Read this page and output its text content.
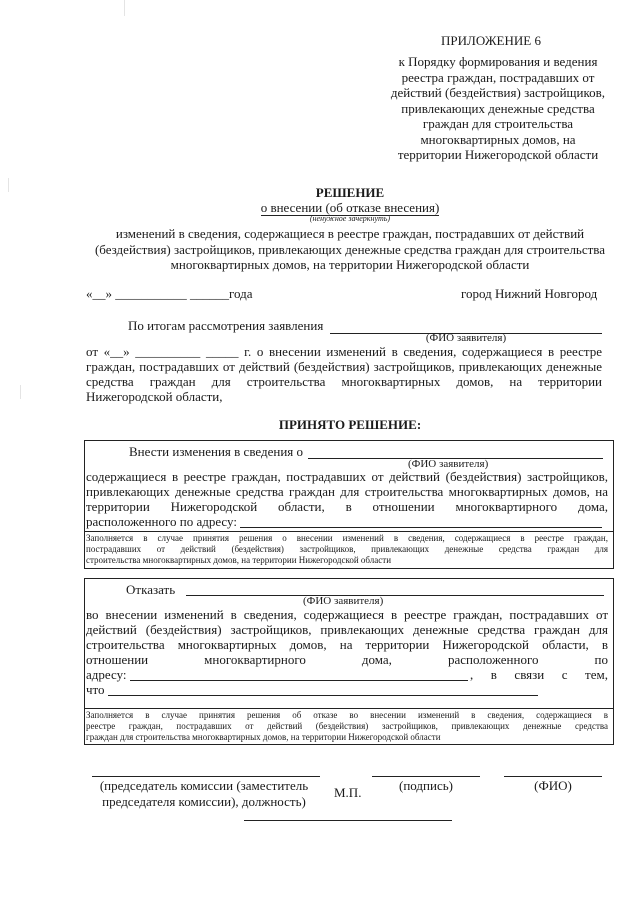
ПРИЛОЖЕНИЕ 6
к Порядку формирования и ведения
реестра граждан, пострадавших от
действий (бездействия) застройщиков,
привлекающих денежные средства
граждан для строительства
многоквартирных домов, на
территории Нижегородской области
РЕШЕНИЕ
о внесении (об отказе внесения)
(ненужное зачеркнуть)
изменений в сведения, содержащиеся в реестре граждан, пострадавших от действий
(бездействия) застройщиков, привлекающих денежные средства граждан для строительства
многоквартирных домов, на территории Нижегородской области
«__» ___________ ______года	город Нижний Новгород
По итогам рассмотрения заявления
(ФИО заявителя)
от «__» __________ _____ г. о внесении изменений в сведения, содержащиеся в реестре
граждан, пострадавших от действий (бездействия) застройщиков, привлекающих денежные
средства граждан для строительства многоквартирных домов, на территории
Нижегородской области,
ПРИНЯТО РЕШЕНИЕ:
Внести изменения в сведения о
(ФИО заявителя)
содержащиеся в реестре граждан, пострадавших от действий (бездействия) застройщиков,
привлекающих денежные средства граждан для строительства многоквартирных домов, на
территории Нижегородской области, в отношении многоквартирного дома,
расположенного по адресу:
Заполняется в случае принятия решения о внесении изменений в сведения, содержащиеся в реестре граждан,
пострадавших от действий (бездействия) застройщиков, привлекающих денежные средства граждан для
строительства многоквартирных домов, на территории Нижегородской области
Отказать
(ФИО заявителя)
во внесении изменений в сведения, содержащиеся в реестре граждан, пострадавших от
действий (бездействия) застройщиков, привлекающих денежные средства граждан для
строительства многоквартирных домов, на территории Нижегородской области, в
отношении многоквартирного дома, расположенного по
адресу:	, в связи с тем,
что
Заполняется в случае принятия решения об отказе во внесении изменений в сведения, содержащиеся в
реестре граждан, пострадавших от действий (бездействия) застройщиков, привлекающих денежные средства
граждан для строительства многоквартирных домов, на территории Нижегородской области
(председатель комиссии (заместитель
председателя комиссии), должность)
М.П.	(подпись)	(ФИО)
